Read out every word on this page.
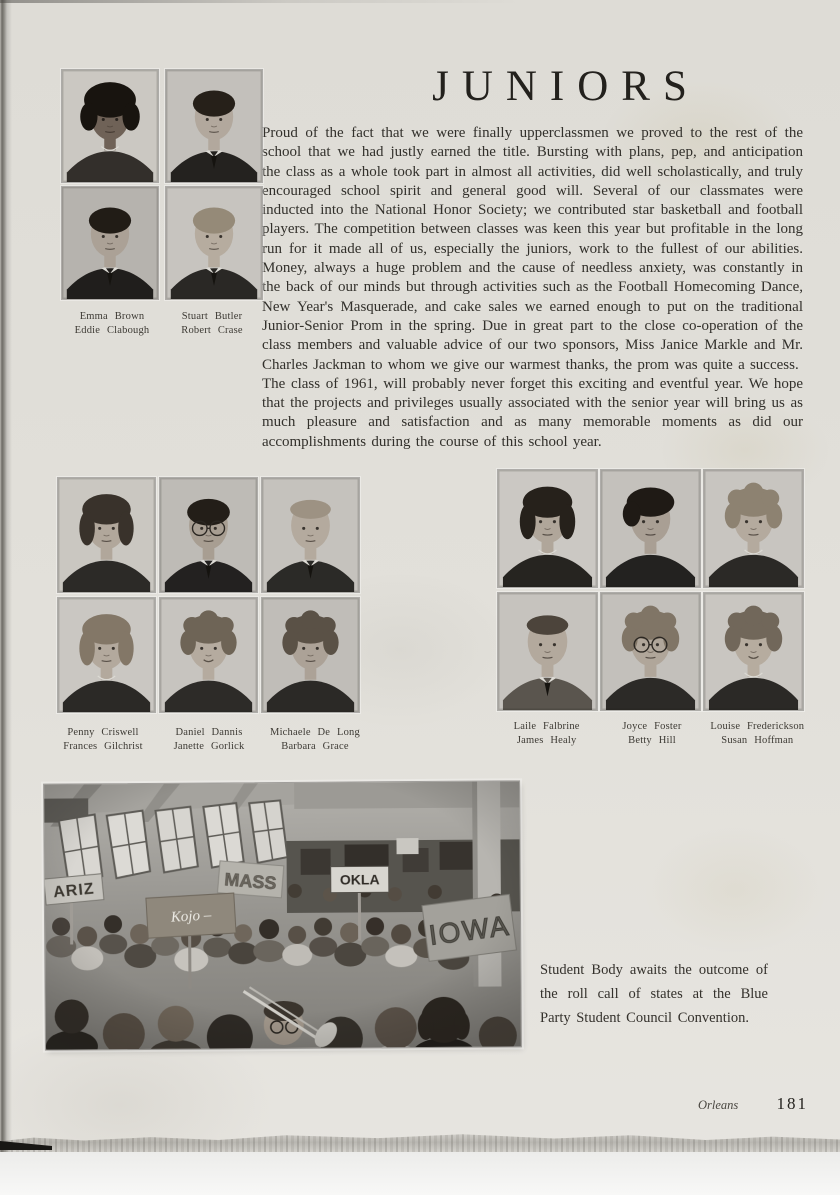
JUNIORS

Proud of the fact that we were finally upperclassmen we proved to the rest of the school that we had justly earned the title. Bursting with plans, pep, and anticipation the class as a whole took part in almost all activities, did well scholastically, and truly encouraged school spirit and general good will. Several of our classmates were inducted into the National Honor Society; we contributed star basketball and football players. The competition between classes was keen this year but profitable in the long run for it made all of us, especially the juniors, work to the fullest of our abilities. Money, always a huge problem and the cause of needless anxiety, was constantly in the back of our minds but through activities such as the Football Homecoming Dance, New Year's Masquerade, and cake sales we earned enough to put on the traditional Junior-Senior Prom in the spring. Due in great part to the close co-operation of the class members and valuable advice of our two sponsors, Miss Janice Markle and Mr. Charles Jackman to whom we give our warmest thanks, the prom was quite a success.

The class of 1961, will probably never forget this exciting and eventful year. We hope that the projects and privileges usually associated with the senior year will bring us as much pleasure and satisfaction and as many memorable moments as did our accomplishments during the course of this school year.

Emma Brown
Eddie Clabough
Stuart Butler
Robert Crase
Penny Criswell
Frances Gilchrist
Daniel Dannis
Janette Gorlick
Michaele De Long
Barbara Grace
Laile Falbrine
James Healy
Joyce Foster
Betty Hill
Louise Frederickson
Susan Hoffman
Student Body awaits the outcome of the roll call of states at the Blue Party Student Council Convention.
Orleans 181
